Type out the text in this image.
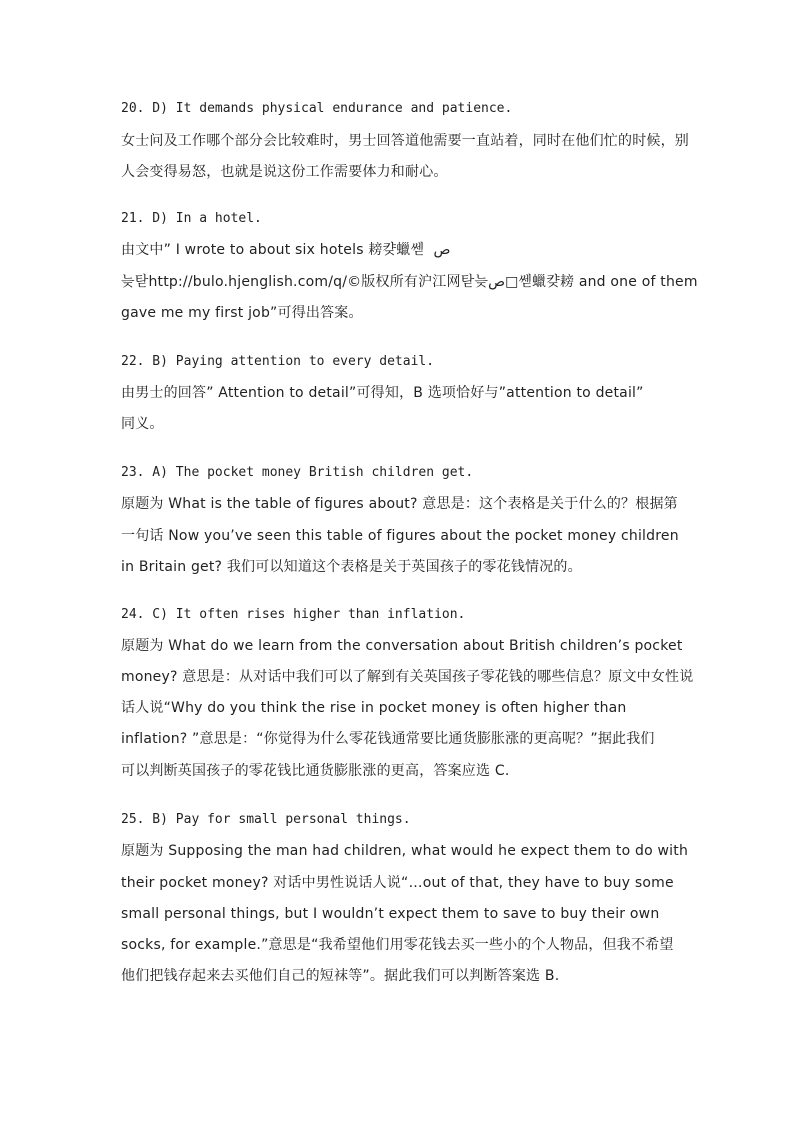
20. D) It demands physical endurance and patience.

女士问及工作哪个部分会比较难时，男士回答道他需要一直站着，同时在他们忙的时候，别

人会变得易怒，也就是说这份工作需要体力和耐心。

21. D) In a hotel.

由文中” I wrote to about six hotels 耪컂蠟쎋  ص

늦탇http://bulo.hjenglish.com/q/©版权所有沪江网탇늦ص□쎋蠟컂耪 and one of them

gave me my first job”可得出答案。

22. B) Paying attention to every detail.

由男士的回答” Attention to detail”可得知，B 选项恰好与”attention to detail”

同义。

23. A) The pocket money British children get.

原题为 What is the table of figures about? 意思是：这个表格是关于什么的？根据第

一句话 Now you’ve seen this table of figures about the pocket money children

in Britain get? 我们可以知道这个表格是关于英国孩子的零花钱情况的。

24. C) It often rises higher than inflation.

原题为 What do we learn from the conversation about British children’s pocket

money? 意思是：从对话中我们可以了解到有关英国孩子零花钱的哪些信息？原文中女性说

话人说“Why do you think the rise in pocket money is often higher than

inflation? ”意思是：“你觉得为什么零花钱通常要比通货膨胀涨的更高呢？”据此我们

可以判断英国孩子的零花钱比通货膨胀涨的更高，答案应选 C.

25. B) Pay for small personal things.

原题为 Supposing the man had children, what would he expect them to do with

their pocket money? 对话中男性说话人说“…out of that, they have to buy some

small personal things, but I wouldn’t expect them to save to buy their own

socks, for example.”意思是“我希望他们用零花钱去买一些小的个人物品，但我不希望

他们把钱存起来去买他们自己的短袜等”。据此我们可以判断答案选 B.
